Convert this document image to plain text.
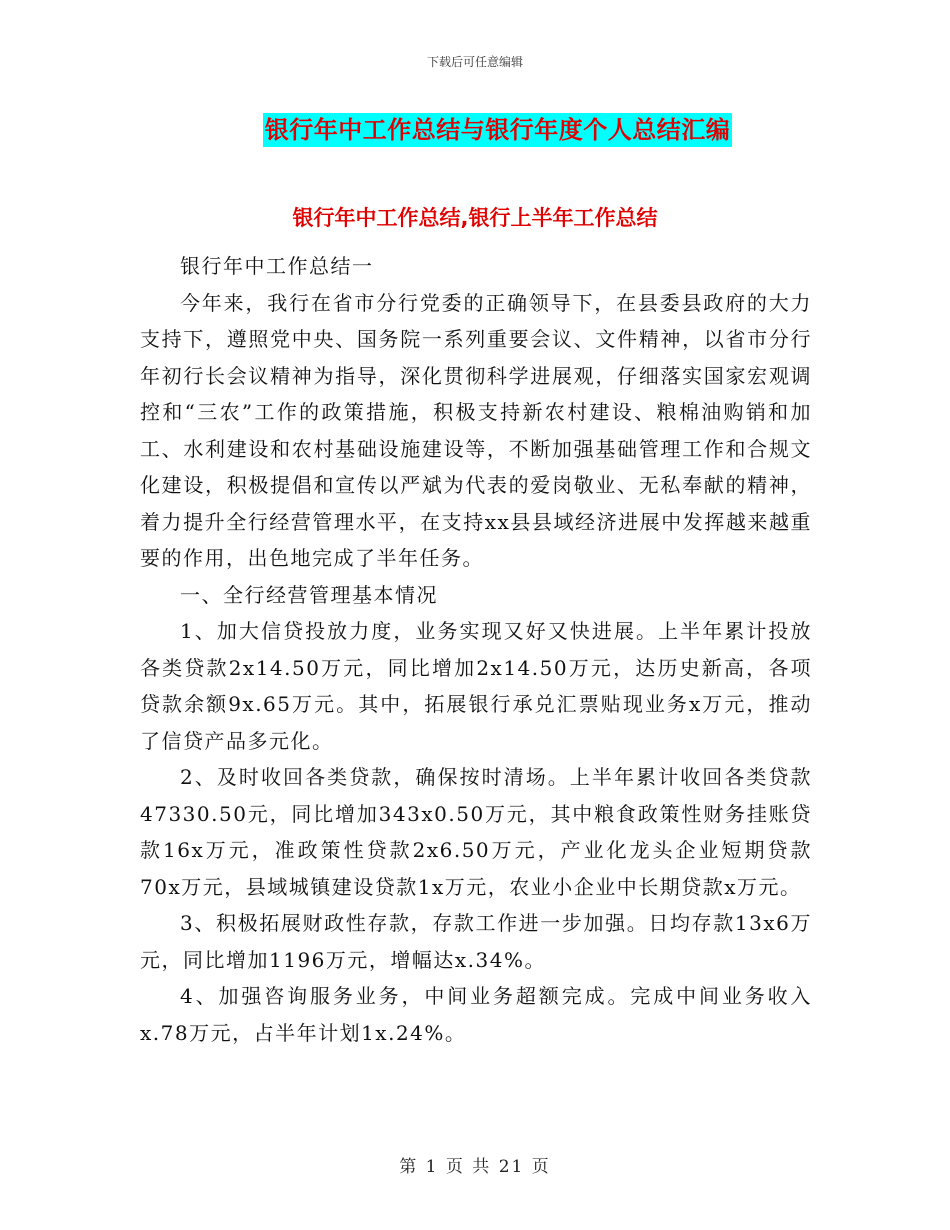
下载后可任意编辑
银行年中工作总结与银行年度个人总结汇编
银行年中工作总结,银行上半年工作总结

银行年中工作总结一

今年来，我行在省市分行党委的正确领导下，在县委县政府的大力支持下，遵照党中央、国务院一系列重要会议、文件精神，以省市分行年初行长会议精神为指导，深化贯彻科学进展观，仔细落实国家宏观调控和“三农”工作的政策措施，积极支持新农村建设、粮棉油购销和加工、水利建设和农村基础设施建设等，不断加强基础管理工作和合规文化建设，积极提倡和宣传以严斌为代表的爱岗敬业、无私奉献的精神，着力提升全行经营管理水平，在支持xx县县域经济进展中发挥越来越重要的作用，出色地完成了半年任务。

一、全行经营管理基本情况

1、加大信贷投放力度，业务实现又好又快进展。上半年累计投放各类贷款2x14.50万元，同比增加2x14.50万元，达历史新高，各项贷款余额9x.65万元。其中，拓展银行承兑汇票贴现业务x万元，推动了信贷产品多元化。

2、及时收回各类贷款，确保按时清场。上半年累计收回各类贷款47330.50元，同比增加343x0.50万元，其中粮食政策性财务挂账贷款16x万元，准政策性贷款2x6.50万元，产业化龙头企业短期贷款70x万元，县域城镇建设贷款1x万元，农业小企业中长期贷款x万元。

3、积极拓展财政性存款，存款工作进一步加强。日均存款13x6万元，同比增加1196万元，增幅达x.34%。

4、加强咨询服务业务，中间业务超额完成。完成中间业务收入x.78万元，占半年计划1x.24%。

第 1 页 共 21 页
